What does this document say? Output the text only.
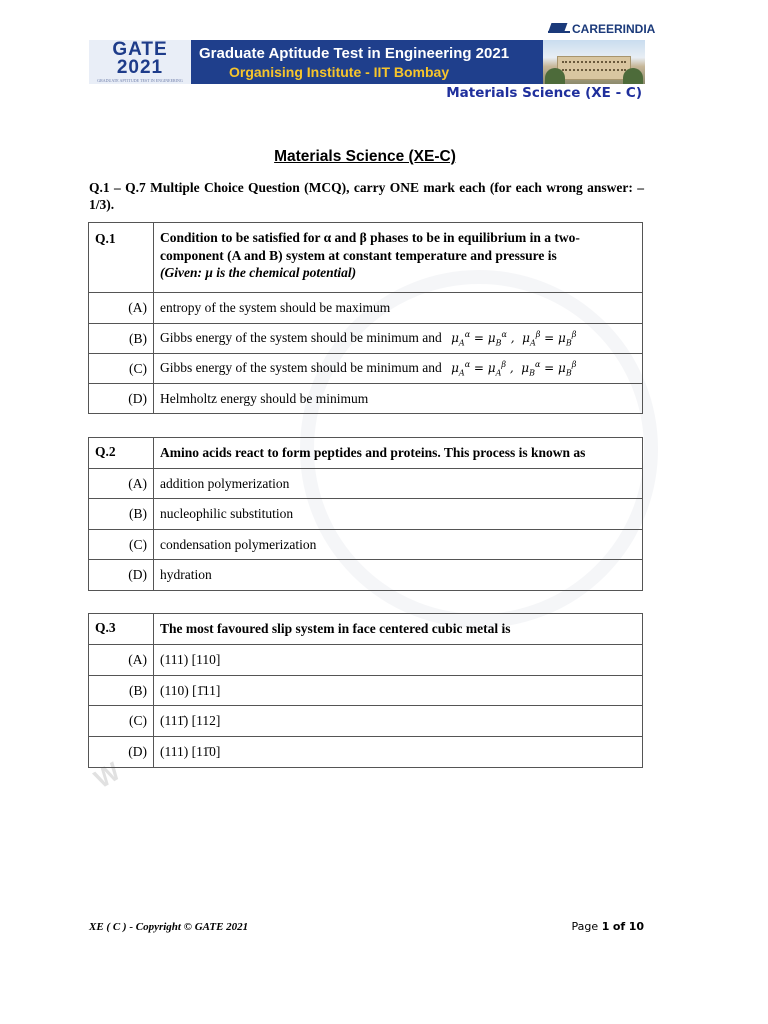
CAREERINDIA
GATE
2021
GRADUATE APTITUDE TEST IN ENGINEERING
Graduate Aptitude Test in Engineering 2021
Organising Institute - IIT Bombay
Materials Science (XE - C)
W
Materials Science (XE-C)
Q.1 – Q.7 Multiple Choice Question (MCQ), carry ONE mark each (for each wrong answer: – 1/3).
Q.1	Condition to be satisfied for α and β phases to be in equilibrium in a two-component (A and B) system at constant temperature and pressure is
(Given: μ is the chemical potential)
(A)	entropy of the system should be maximum
(B)	Gibbs energy of the system should be minimum and $\mu_A^\alpha = \mu_B^\alpha$ ,  $\mu_A^\beta = \mu_B^\beta$
(C)	Gibbs energy of the system should be minimum and $\mu_A^\alpha = \mu_A^\beta$ ,  $\mu_B^\alpha = \mu_B^\beta$
(D)	Helmholtz energy should be minimum
Q.2	Amino acids react to form peptides and proteins. This process is known as
(A)	addition polymerization
(B)	nucleophilic substitution
(C)	condensation polymerization
(D)	hydration
Q.3	The most favoured slip system in face centered cubic metal is
(A)	(111) [110]
(B)	(110) [1̄11]
(C)	(111̄) [112]
(D)	(111) [11̄0]
XE ( C ) - Copyright © GATE 2021	Page 1 of 10
